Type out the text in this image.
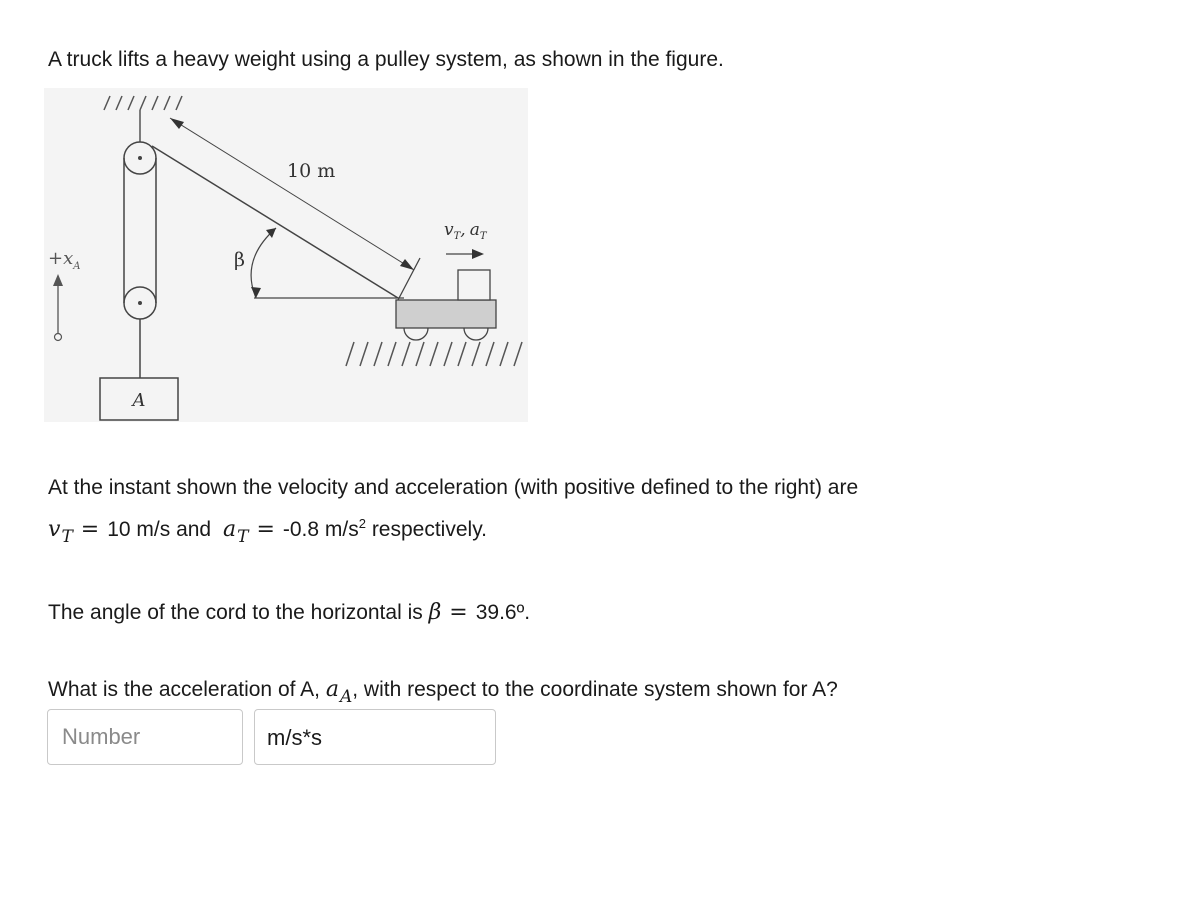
A truck lifts a heavy weight using a pulley system, as shown in the figure.

A
10 m
β
$v_T$, $a_T$
$+x_A$

At the instant shown the velocity and acceleration (with positive defined to the right) are

$v_T = 10$ m/s and $a_T = -0.8$ $m/s^2$ respectively.

The angle of the cord to the horizontal is β = 39.6º.

What is the acceleration of A, $a_A$, with respect to the coordinate system shown for A?

Number
m/s*s
